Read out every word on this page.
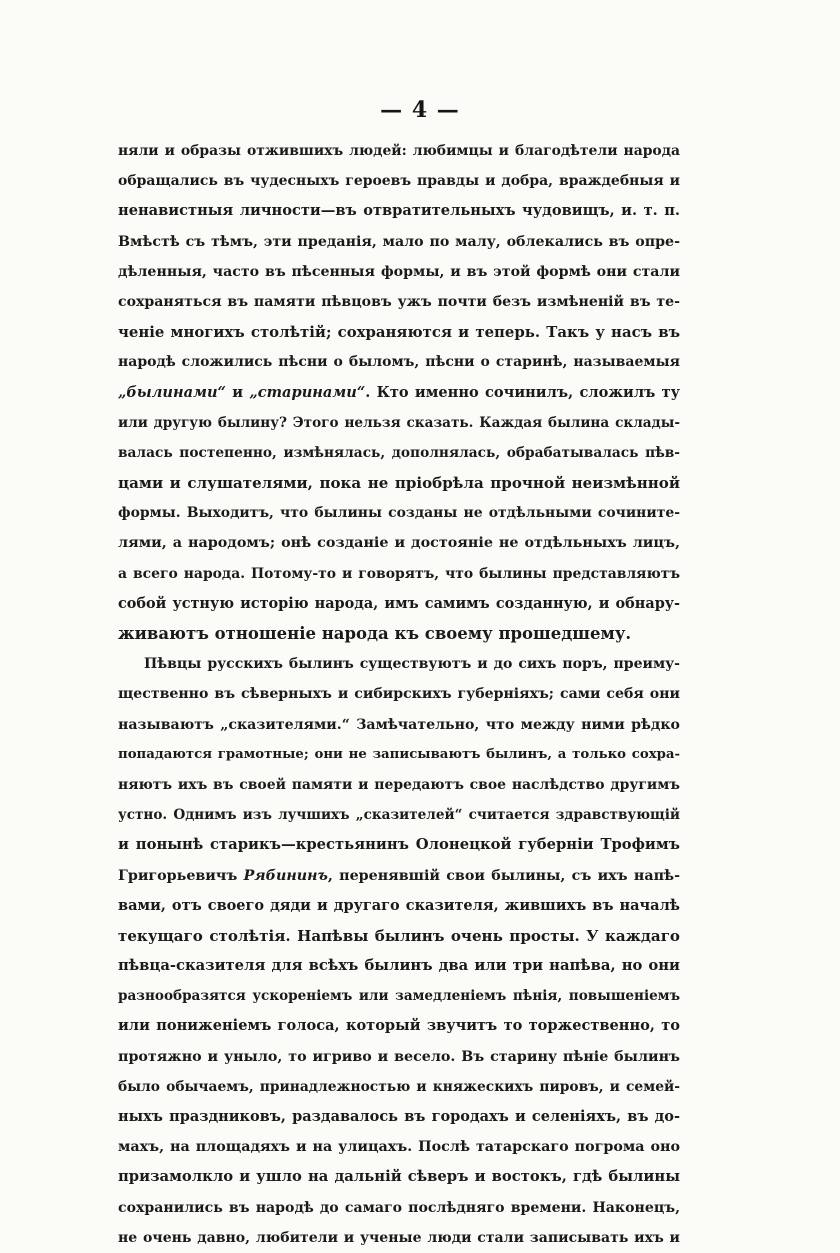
— 4 —
няли и образы отжившихъ людей: любимцы и благодѣтели народа
обращались въ чудесныхъ героевъ правды и добра, враждебныя и
ненавистныя личности—въ отвратительныхъ чудовищъ, и. т. п.
Вмѣстѣ съ тѣмъ, эти преданія, мало по малу, облекались въ опре-
дѣленныя, часто въ пѣсенныя формы, и въ этой формѣ они стали
сохраняться въ памяти пѣвцовъ ужъ почти безъ измѣненій въ те-
ченіе многихъ столѣтій; сохраняются и теперь. Такъ у насъ въ
народѣ сложились пѣсни о быломъ, пѣсни о старинѣ, называемыя
„былинами“ и „старинами“. Кто именно сочинилъ, сложилъ ту
или другую былину? Этого нельзя сказать. Каждая былина склады-
валась постепенно, измѣнялась, дополнялась, обрабатывалась пѣв-
цами и слушателями, пока не пріобрѣла прочной неизмѣнной
формы. Выходитъ, что былины созданы не отдѣльными сочините-
лями, а народомъ; онѣ созданіе и достояніе не отдѣльныхъ лицъ,
а всего народа. Потому-то и говорятъ, что былины представляютъ
собой устную исторію народа, имъ самимъ созданную, и обнару-
живаютъ отношеніе народа къ своему прошедшему.
Пѣвцы русскихъ былинъ существуютъ и до сихъ поръ, преиму-
щественно въ сѣверныхъ и сибирскихъ губерніяхъ; сами себя они
называютъ „сказителями.“ Замѣчательно, что между ними рѣдко
попадаются грамотные; они не записываютъ былинъ, а только сохра-
няютъ ихъ въ своей памяти и передаютъ свое наслѣдство другимъ
устно. Однимъ изъ лучшихъ „сказителей“ считается здравствующій
и понынѣ старикъ—крестьянинъ Олонецкой губерніи Трофимъ
Григорьевичъ Рябининъ, перенявшій свои былины, съ ихъ напѣ-
вами, отъ своего дяди и другаго сказителя, жившихъ въ началѣ
текущаго столѣтія. Напѣвы былинъ очень просты. У каждаго
пѣвца-сказителя для всѣхъ былинъ два или три напѣва, но они
разнообразятся ускореніемъ или замедленіемъ пѣнія, повышеніемъ
или пониженіемъ голоса, который звучитъ то торжественно, то
протяжно и уныло, то игриво и весело. Въ старину пѣніе былинъ
было обычаемъ, принадлежностью и княжескихъ пировъ, и семей-
ныхъ праздниковъ, раздавалось въ городахъ и селеніяхъ, въ до-
махъ, на площадяхъ и на улицахъ. Послѣ татарскаго погрома оно
призамолкло и ушло на дальній сѣверъ и востокъ, гдѣ былины
сохранились въ народѣ до самаго послѣдняго времени. Наконецъ,
не очень давно, любители и ученые люди стали записывать ихъ и
